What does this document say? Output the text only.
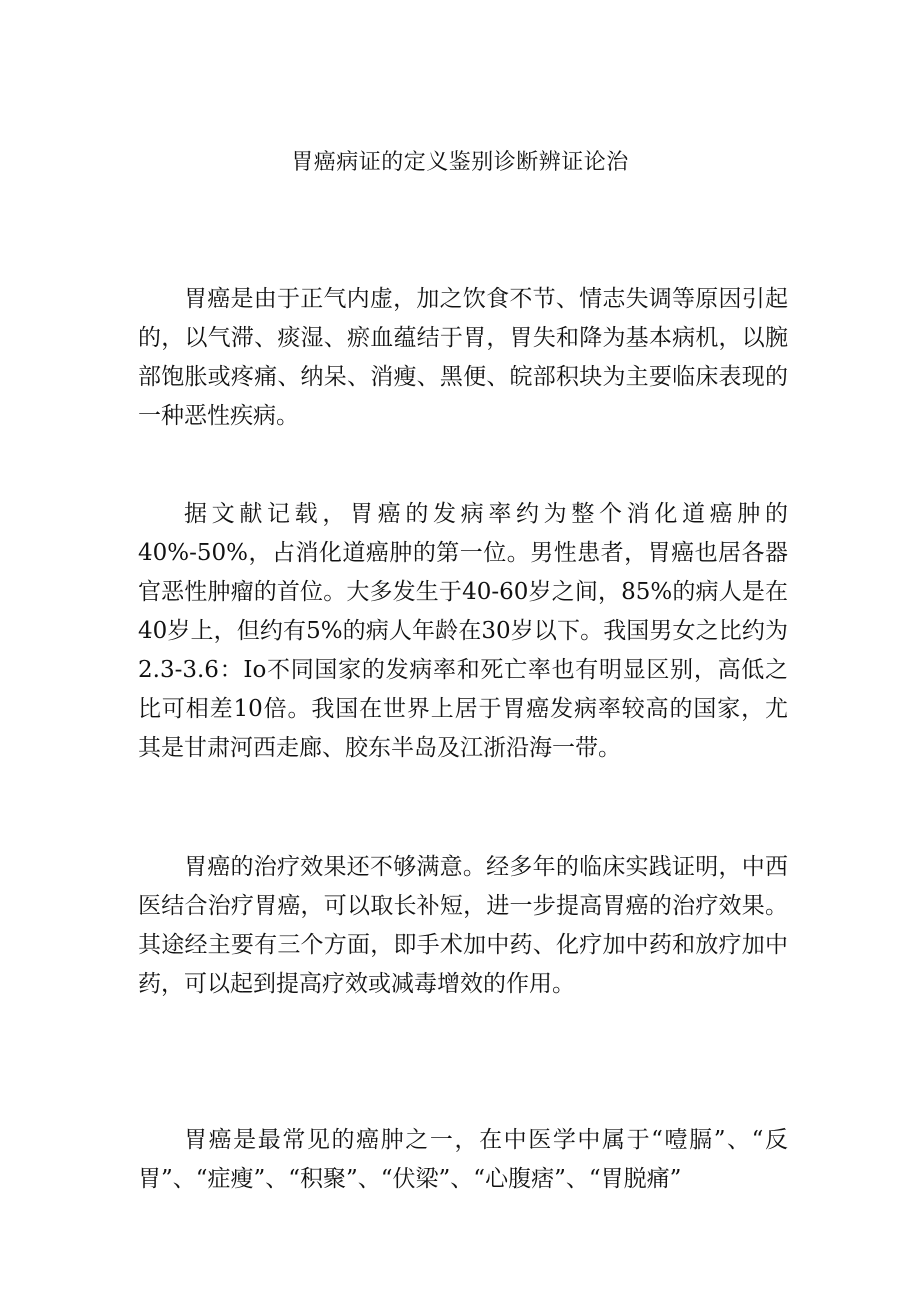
胃癌病证的定义鉴别诊断辨证论治

胃癌是由于正气内虚，加之饮食不节、情志失调等原因引起的，以气滞、痰湿、瘀血蕴结于胃，胃失和降为基本病机，以腕部饱胀或疼痛、纳呆、消瘦、黑便、皖部积块为主要临床表现的一种恶性疾病。

据文献记载，胃癌的发病率约为整个消化道癌肿的40%-50%，占消化道癌肿的第一位。男性患者，胃癌也居各器官恶性肿瘤的首位。大多发生于40-60岁之间，85%的病人是在40岁上，但约有5%的病人年龄在30岁以下。我国男女之比约为2.3-3.6：Io不同国家的发病率和死亡率也有明显区别，高低之比可相差10倍。我国在世界上居于胃癌发病率较高的国家，尤其是甘肃河西走廊、胶东半岛及江浙沿海一带。

胃癌的治疗效果还不够满意。经多年的临床实践证明，中西医结合治疗胃癌，可以取长补短，进一步提高胃癌的治疗效果。其途经主要有三个方面，即手术加中药、化疗加中药和放疗加中药，可以起到提高疗效或减毒增效的作用。

胃癌是最常见的癌肿之一，在中医学中属于“噎膈”、“反胃”、“症瘦”、“积聚”、“伏梁”、“心腹痞”、“胃脱痛”
